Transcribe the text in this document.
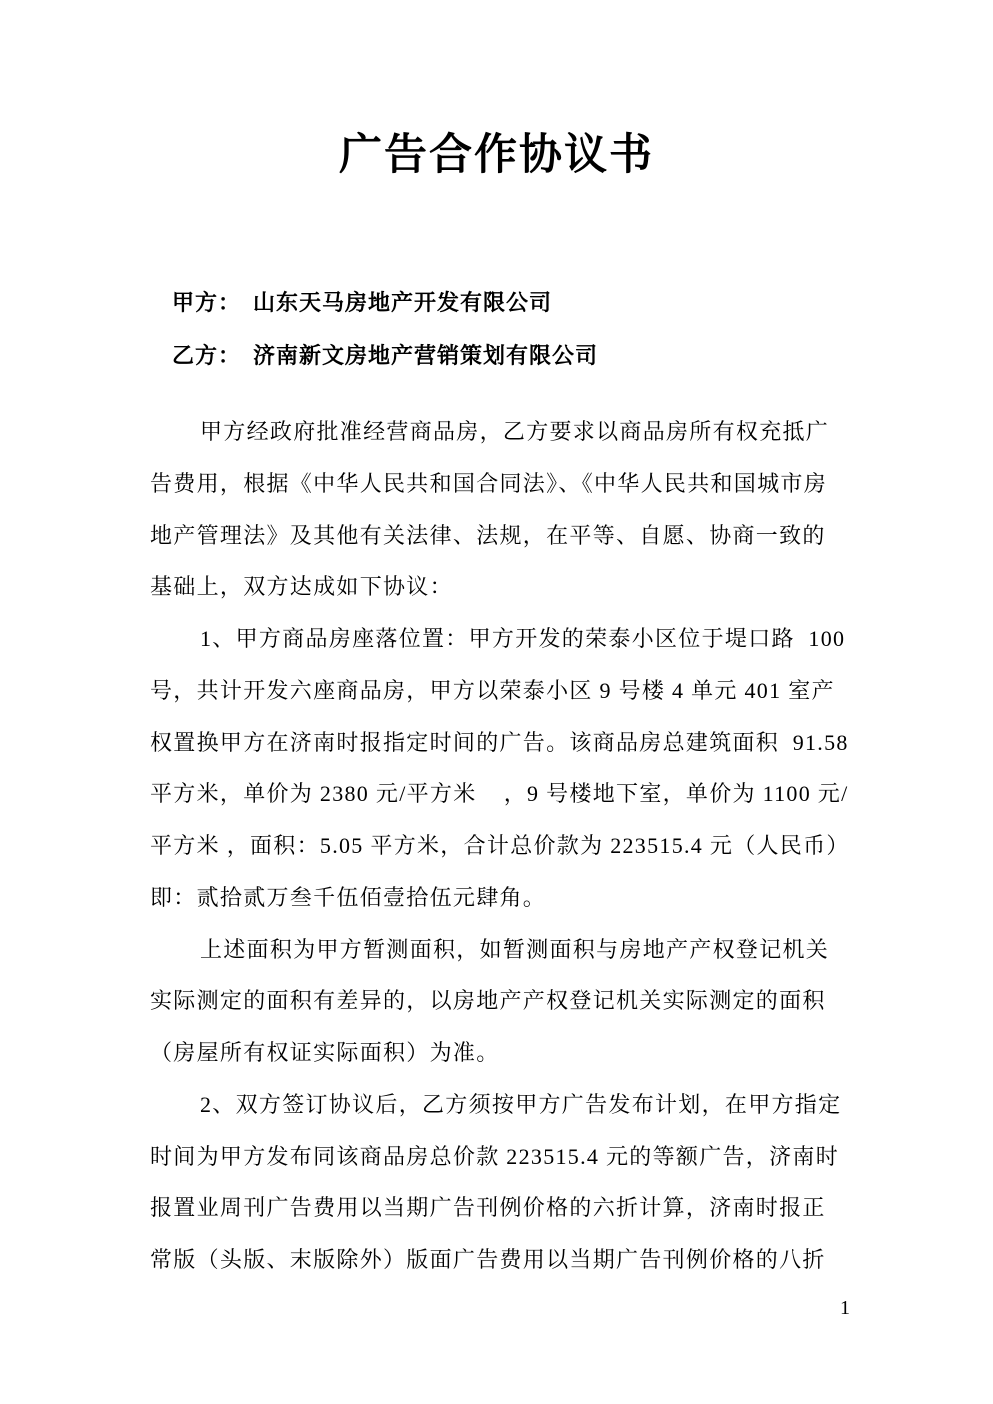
广告合作协议书

甲方： 山东天马房地产开发有限公司

乙方： 济南新文房地产营销策划有限公司

甲方经政府批准经营商品房，乙方要求以商品房所有权充抵广
告费用，根据《中华人民共和国合同法》、《中华人民共和国城市房
地产管理法》及其他有关法律、法规，在平等、自愿、协商一致的
基础上，双方达成如下协议：
1、甲方商品房座落位置：甲方开发的荣泰小区位于堤口路  100
号，共计开发六座商品房，甲方以荣泰小区 9 号楼 4 单元 401 室产
权置换甲方在济南时报指定时间的广告。该商品房总建筑面积  91.58
平方米，单价为 2380 元/平方米    ，9 号楼地下室，单价为 1100 元/
平方米 ，面积：5.05 平方米，合计总价款为 223515.4 元（人民币）
即：贰拾贰万叁千伍佰壹拾伍元肆角。
上述面积为甲方暂测面积，如暂测面积与房地产产权登记机关
实际测定的面积有差异的，以房地产产权登记机关实际测定的面积
（房屋所有权证实际面积）为准。
2、双方签订协议后，乙方须按甲方广告发布计划，在甲方指定
时间为甲方发布同该商品房总价款 223515.4 元的等额广告，济南时
报置业周刊广告费用以当期广告刊例价格的六折计算，济南时报正
常版（头版、末版除外）版面广告费用以当期广告刊例价格的八折
1
